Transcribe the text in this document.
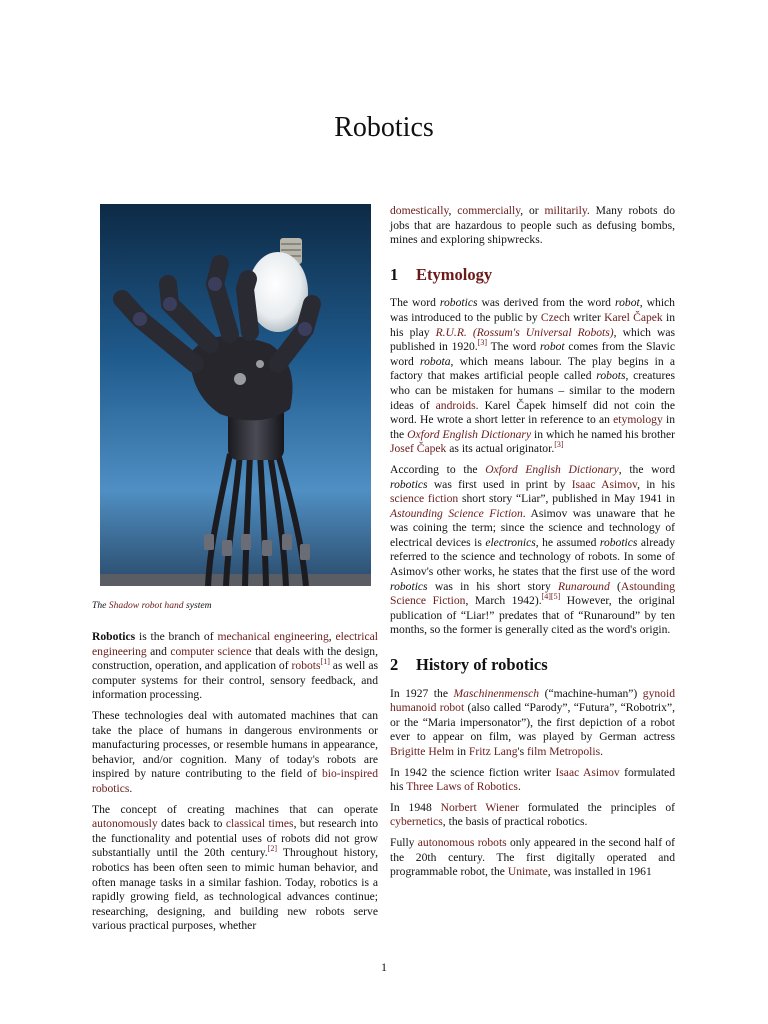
Robotics
The Shadow robot hand system

Robotics is the branch of mechanical engineering, electrical engineering and computer science that deals with the design, construction, operation, and application of robots[1] as well as computer systems for their control, sensory feedback, and information processing.

These technologies deal with automated machines that can take the place of humans in dangerous environments or manufacturing processes, or resemble humans in appearance, behavior, and/or cognition. Many of today's robots are inspired by nature contributing to the field of bio-inspired robotics.

The concept of creating machines that can operate autonomously dates back to classical times, but research into the functionality and potential uses of robots did not grow substantially until the 20th century.[2] Throughout history, robotics has been often seen to mimic human behavior, and often manage tasks in a similar fashion. Today, robotics is a rapidly growing field, as technological advances continue; researching, designing, and building new robots serve various practical purposes, whether

domestically, commercially, or militarily. Many robots do jobs that are hazardous to people such as defusing bombs, mines and exploring shipwrecks.

1 Etymology

The word robotics was derived from the word robot, which was introduced to the public by Czech writer Karel Čapek in his play R.U.R. (Rossum's Universal Robots), which was published in 1920.[3] The word robot comes from the Slavic word robota, which means labour. The play begins in a factory that makes artificial people called robots, creatures who can be mistaken for humans – similar to the modern ideas of androids. Karel Čapek himself did not coin the word. He wrote a short letter in reference to an etymology in the Oxford English Dictionary in which he named his brother Josef Čapek as its actual originator.[3]

According to the Oxford English Dictionary, the word robotics was first used in print by Isaac Asimov, in his science fiction short story “Liar”, published in May 1941 in Astounding Science Fiction. Asimov was unaware that he was coining the term; since the science and technology of electrical devices is electronics, he assumed robotics already referred to the science and technology of robots. In some of Asimov's other works, he states that the first use of the word robotics was in his short story Runaround (Astounding Science Fiction, March 1942).[4][5] However, the original publication of “Liar!” predates that of “Runaround” by ten months, so the former is generally cited as the word's origin.

2 History of robotics

In 1927 the Maschinenmensch (“machine-human”) gynoid humanoid robot (also called “Parody”, “Futura”, “Robotrix”, or the “Maria impersonator”), the first depiction of a robot ever to appear on film, was played by German actress Brigitte Helm in Fritz Lang's film Metropolis.

In 1942 the science fiction writer Isaac Asimov formulated his Three Laws of Robotics.

In 1948 Norbert Wiener formulated the principles of cybernetics, the basis of practical robotics.

Fully autonomous robots only appeared in the second half of the 20th century. The first digitally operated and programmable robot, the Unimate, was installed in 1961

1
